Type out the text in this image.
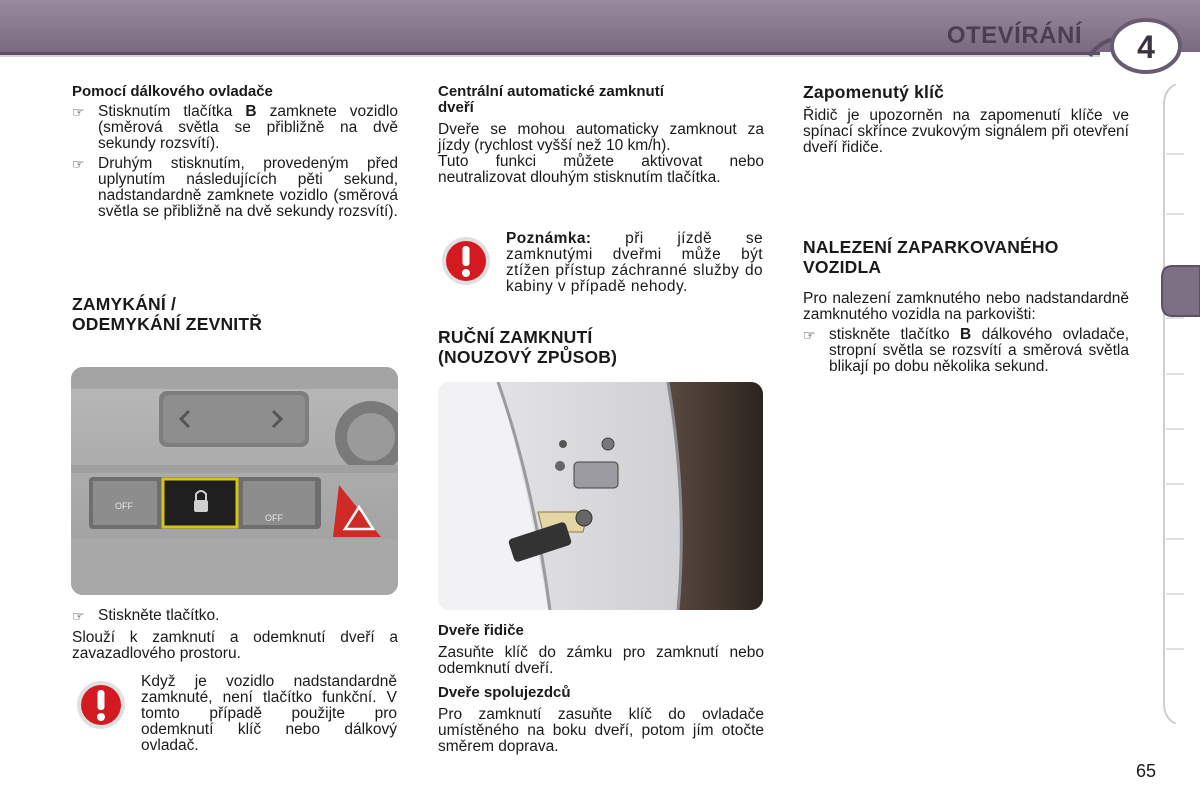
OTEVÍRÁNÍ	4
Pomocí dálkového ovladače

☞ Stisknutím tlačítka B zamknete vozidlo (směrová světla se přibližně na dvě sekundy rozsvítí).

☞ Druhým stisknutím, provedeným před uplynutím následujících pěti sekund, nadstandardně zamknete vozidlo (směrová světla se přibližně na dvě sekundy rozsvítí).

ZAMYKÁNÍ /
ODEMYKÁNÍ ZEVNITŘ
OFF
OFF

☞ Stiskněte tlačítko.

Slouží k zamknutí a odemknutí dveří a zavazadlového prostoru.

Když je vozidlo nadstandardně zamknuté, není tlačítko funkční. V tomto případě použijte pro odemknutí klíč nebo dálkový ovladač.

Centrální automatické zamknutí dveří

Dveře se mohou automaticky zamknout za jízdy (rychlost vyšší než 10 km/h).

Tuto funkci můžete aktivovat nebo neutralizovat dlouhým stisknutím tlačítka.

Poznámka: při jízdě se zamknutými dveřmi může být ztížen přístup záchranné služby do kabiny v případě nehody.

RUČNÍ ZAMKNUTÍ
(NOUZOVÝ ZPŮSOB)
Dveře řidiče

Zasuňte klíč do zámku pro zamknutí nebo odemknutí dveří.

Dveře spolujezdců

Pro zamknutí zasuňte klíč do ovladače umístěného na boku dveří, potom jím otočte směrem doprava.

Zapomenutý klíč

Řidič je upozorněn na zapomenutí klíče ve spínací skřínce zvukovým signálem při otevření dveří řidiče.

NALEZENÍ ZAPARKOVANÉHO
VOZIDLA

Pro nalezení zamknutého nebo nadstandardně zamknutého vozidla na parkovišti:

☞ stiskněte tlačítko B dálkového ovladače, stropní světla se rozsvítí a směrová světla blikají po dobu několika sekund.

65
